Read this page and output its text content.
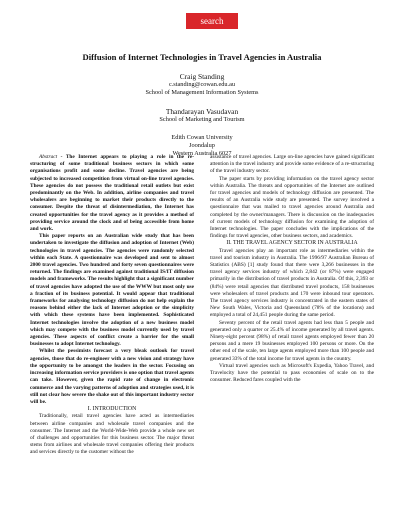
search
Diffusion of Internet Technologies in Travel Agencies in Australia
Craig Standing
c.standing@cowan.edu.au
School of Management Information Systems
Thandarayan Vasudavan
School of Marketing and Tourism
Edith Cowan University
Joondalup
Western Australia 6027

Abstract - The Internet appears to playing a role in the re-structuring of some traditional business sectors in which some organisations profit and some decline. Travel agencies are being subjected to increased competition from virtual on-line travel agencies. These agencies do not possess the traditional retail outlets but exist predominantly on the Web. In addition, airline companies and travel wholesalers are beginning to market their products directly to the consumer. Despite the threat of disintermediation, the Internet has created opportunities for the travel agency as it provides a method of providing service around the clock and of being accessible from home and work.

This paper reports on an Australian wide study that has been undertaken to investigate the diffusion and adoption of Internet (Web) technologies in travel agencies. The agencies were randomly selected within each State. A questionnaire was developed and sent to almost 2000 travel agencies. Two hundred and forty seven questionnaires were returned. The findings are examined against traditional IS/IT diffusion models and frameworks. The results highlight that a significant number of travel agencies have adopted the use of the WWW but most only use a fraction of its business potential. It would appear that traditional frameworks for analysing technology diffusion do not help explain the reasons behind either the lack of Internet adoption or the simplicity with which these systems have been implemented. Sophisticated Internet technologies involve the adoption of a new business model which may compete with the business model currently used by travel agencies. These aspects of conflict create a barrier for the small businesses to adopt Internet technology.

Whilst the pessimists forecast a very bleak outlook for travel agencies, those that do re-engineer with a new vision and strategy have the opportunity to be amongst the leaders in the sector. Focusing on increasing information service providers is one option that travel agents can take. However, given the rapid rate of change in electronic commerce and the varying patterns of adoption and strategies used, it is still not clear how severe the shake out of this important industry sector will be.

I. INTRODUCTION

Traditionally, retail travel agencies have acted as intermediaries between airline companies and wholesale travel companies and the consumer. The Internet and the World-Wide-Web provide a whole new set of challenges and opportunities for this business sector. The major threat stems from airlines and wholesale travel companies offering their products and services directly to the customer without the

assistance of travel agencies. Large on-line agencies have gained significant attention in the travel industry and provide some evidence of a re-structuring of the travel industry sector.

The paper starts by providing information on the travel agency sector within Australia. The threats and opportunities of the Internet are outlined for travel agencies and models of technology diffusion are presented. The results of an Australia wide study are presented. The survey involved a questionnaire that was mailed to travel agencies around Australia and completed by the owner/managers. There is discussion on the inadequacies of current models of technology diffusion for examining the adoption of Internet technologies. The paper concludes with the implications of the findings for travel agencies, other business sectors, and academics.

II. THE TRAVEL AGENCY SECTOR IN AUSTRALIA

Travel agencies play an important role as intermediaries within the travel and tourism industry in Australia. The 1996/97 Australian Bureau of Statistics (ABS) [1] study found that there were 3,266 businesses in the travel agency services industry of which 2,842 (or 87%) were engaged primarily in the distribution of travel products in Australia. Of this, 2,393 or (84%) were retail agencies that distributed travel products, 158 businesses were wholesalers of travel products and 170 were inbound tour operators. The travel agency services industry is concentrated in the eastern states of New South Wales, Victoria and Queensland (78% of the locations) and employed a total of 24,451 people during the same period.

Seventy percent of the retail travel agents had less than 5 people and generated only a quarter or 25.4% of income generated by all travel agents. Ninety-eight percent (98%) of retail travel agents employed fewer than 20 persons and a mere 19 businesses employed 100 persons or more. On the other end of the scale, ten large agents employed more than 100 people and generated 33% of the total income for travel agents in the country.

Virtual travel agencies such as Microsoft's Expedia, Yahoo Travel, and Travelocity have the potential to pass economies of scale on to the consumer. Reduced fares coupled with the
